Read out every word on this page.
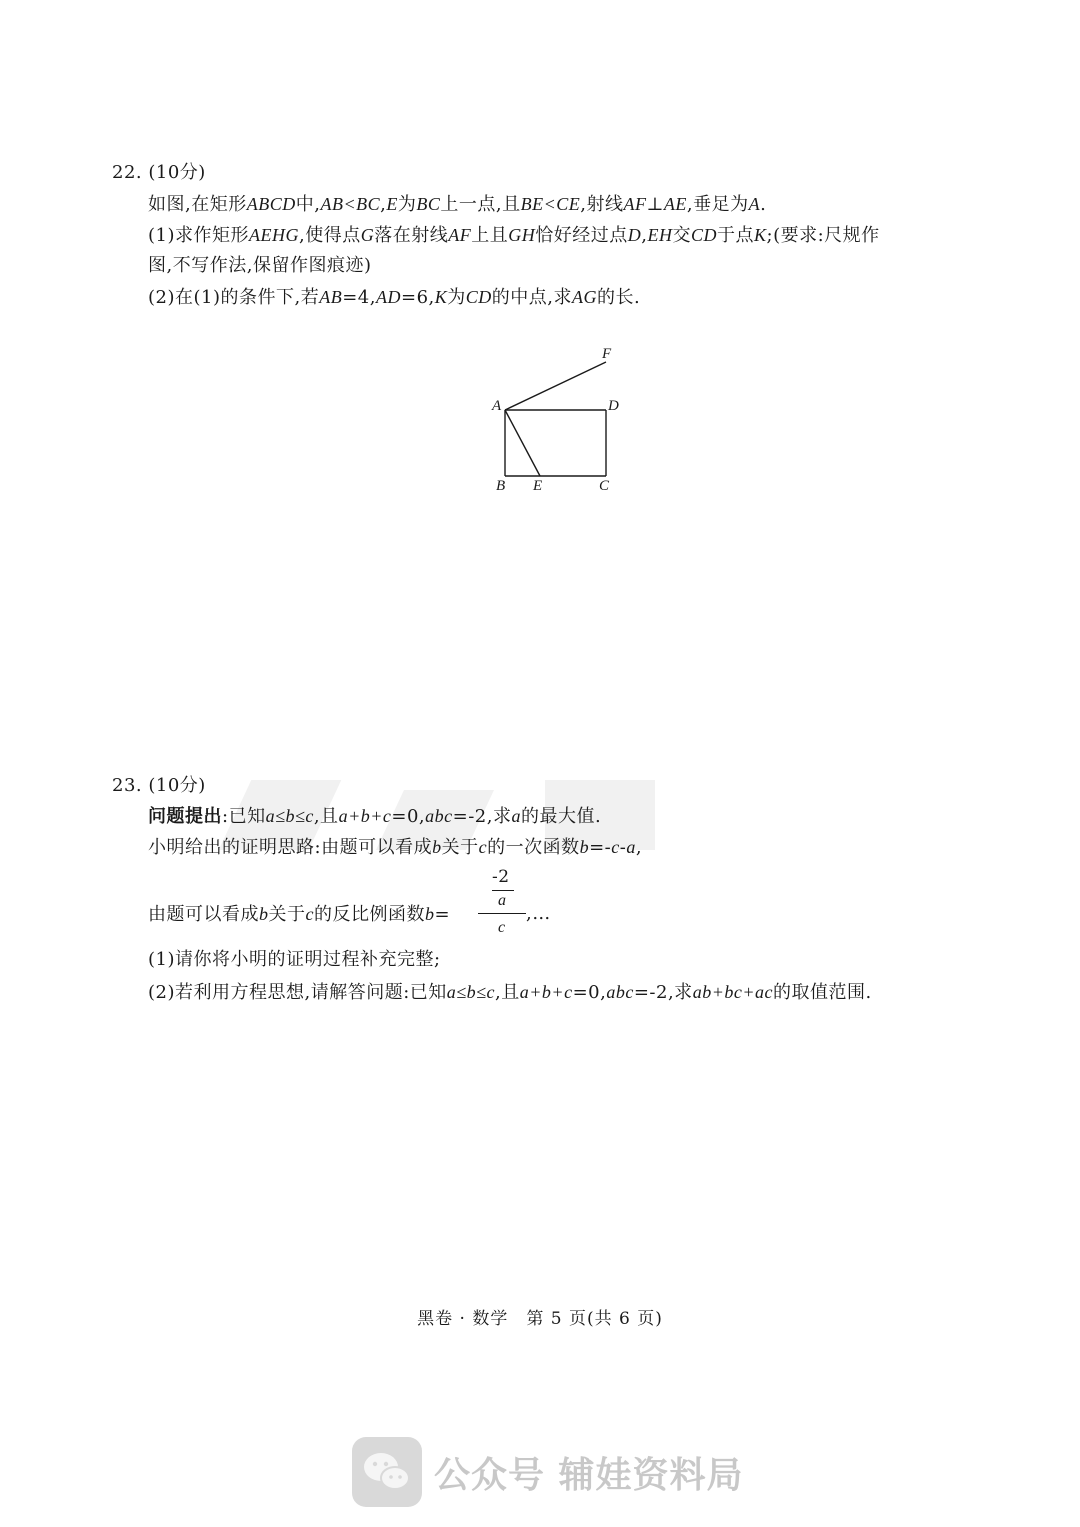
22. (10分)
如图,在矩形ABCD中,AB<BC,E为BC上一点,且BE<CE,射线AF⊥AE,垂足为A.
(1)求作矩形AEHG,使得点G落在射线AF上且GH恰好经过点D,EH交CD于点K;(要求:尺规作
图,不写作法,保留作图痕迹)
(2)在(1)的条件下,若AB=4,AD=6,K为CD的中点,求AG的长.
F
A	D
B E	C
23. (10分)
问题提出:已知a≤b≤c,且a+b+c=0,abc=-2,求a的最大值.
小明给出的证明思路:由题可以看成b关于c的一次函数b=-c-a,
由题可以看成b关于c的反比例函数b=	,…
-2
a
c
(1)请你将小明的证明过程补充完整;
(2)若利用方程思想,请解答问题:已知a≤b≤c,且a+b+c=0,abc=-2,求ab+bc+ac的取值范围.
黑卷 · 数学　第 5 页(共 6 页)
公众号 辅娃资料局
